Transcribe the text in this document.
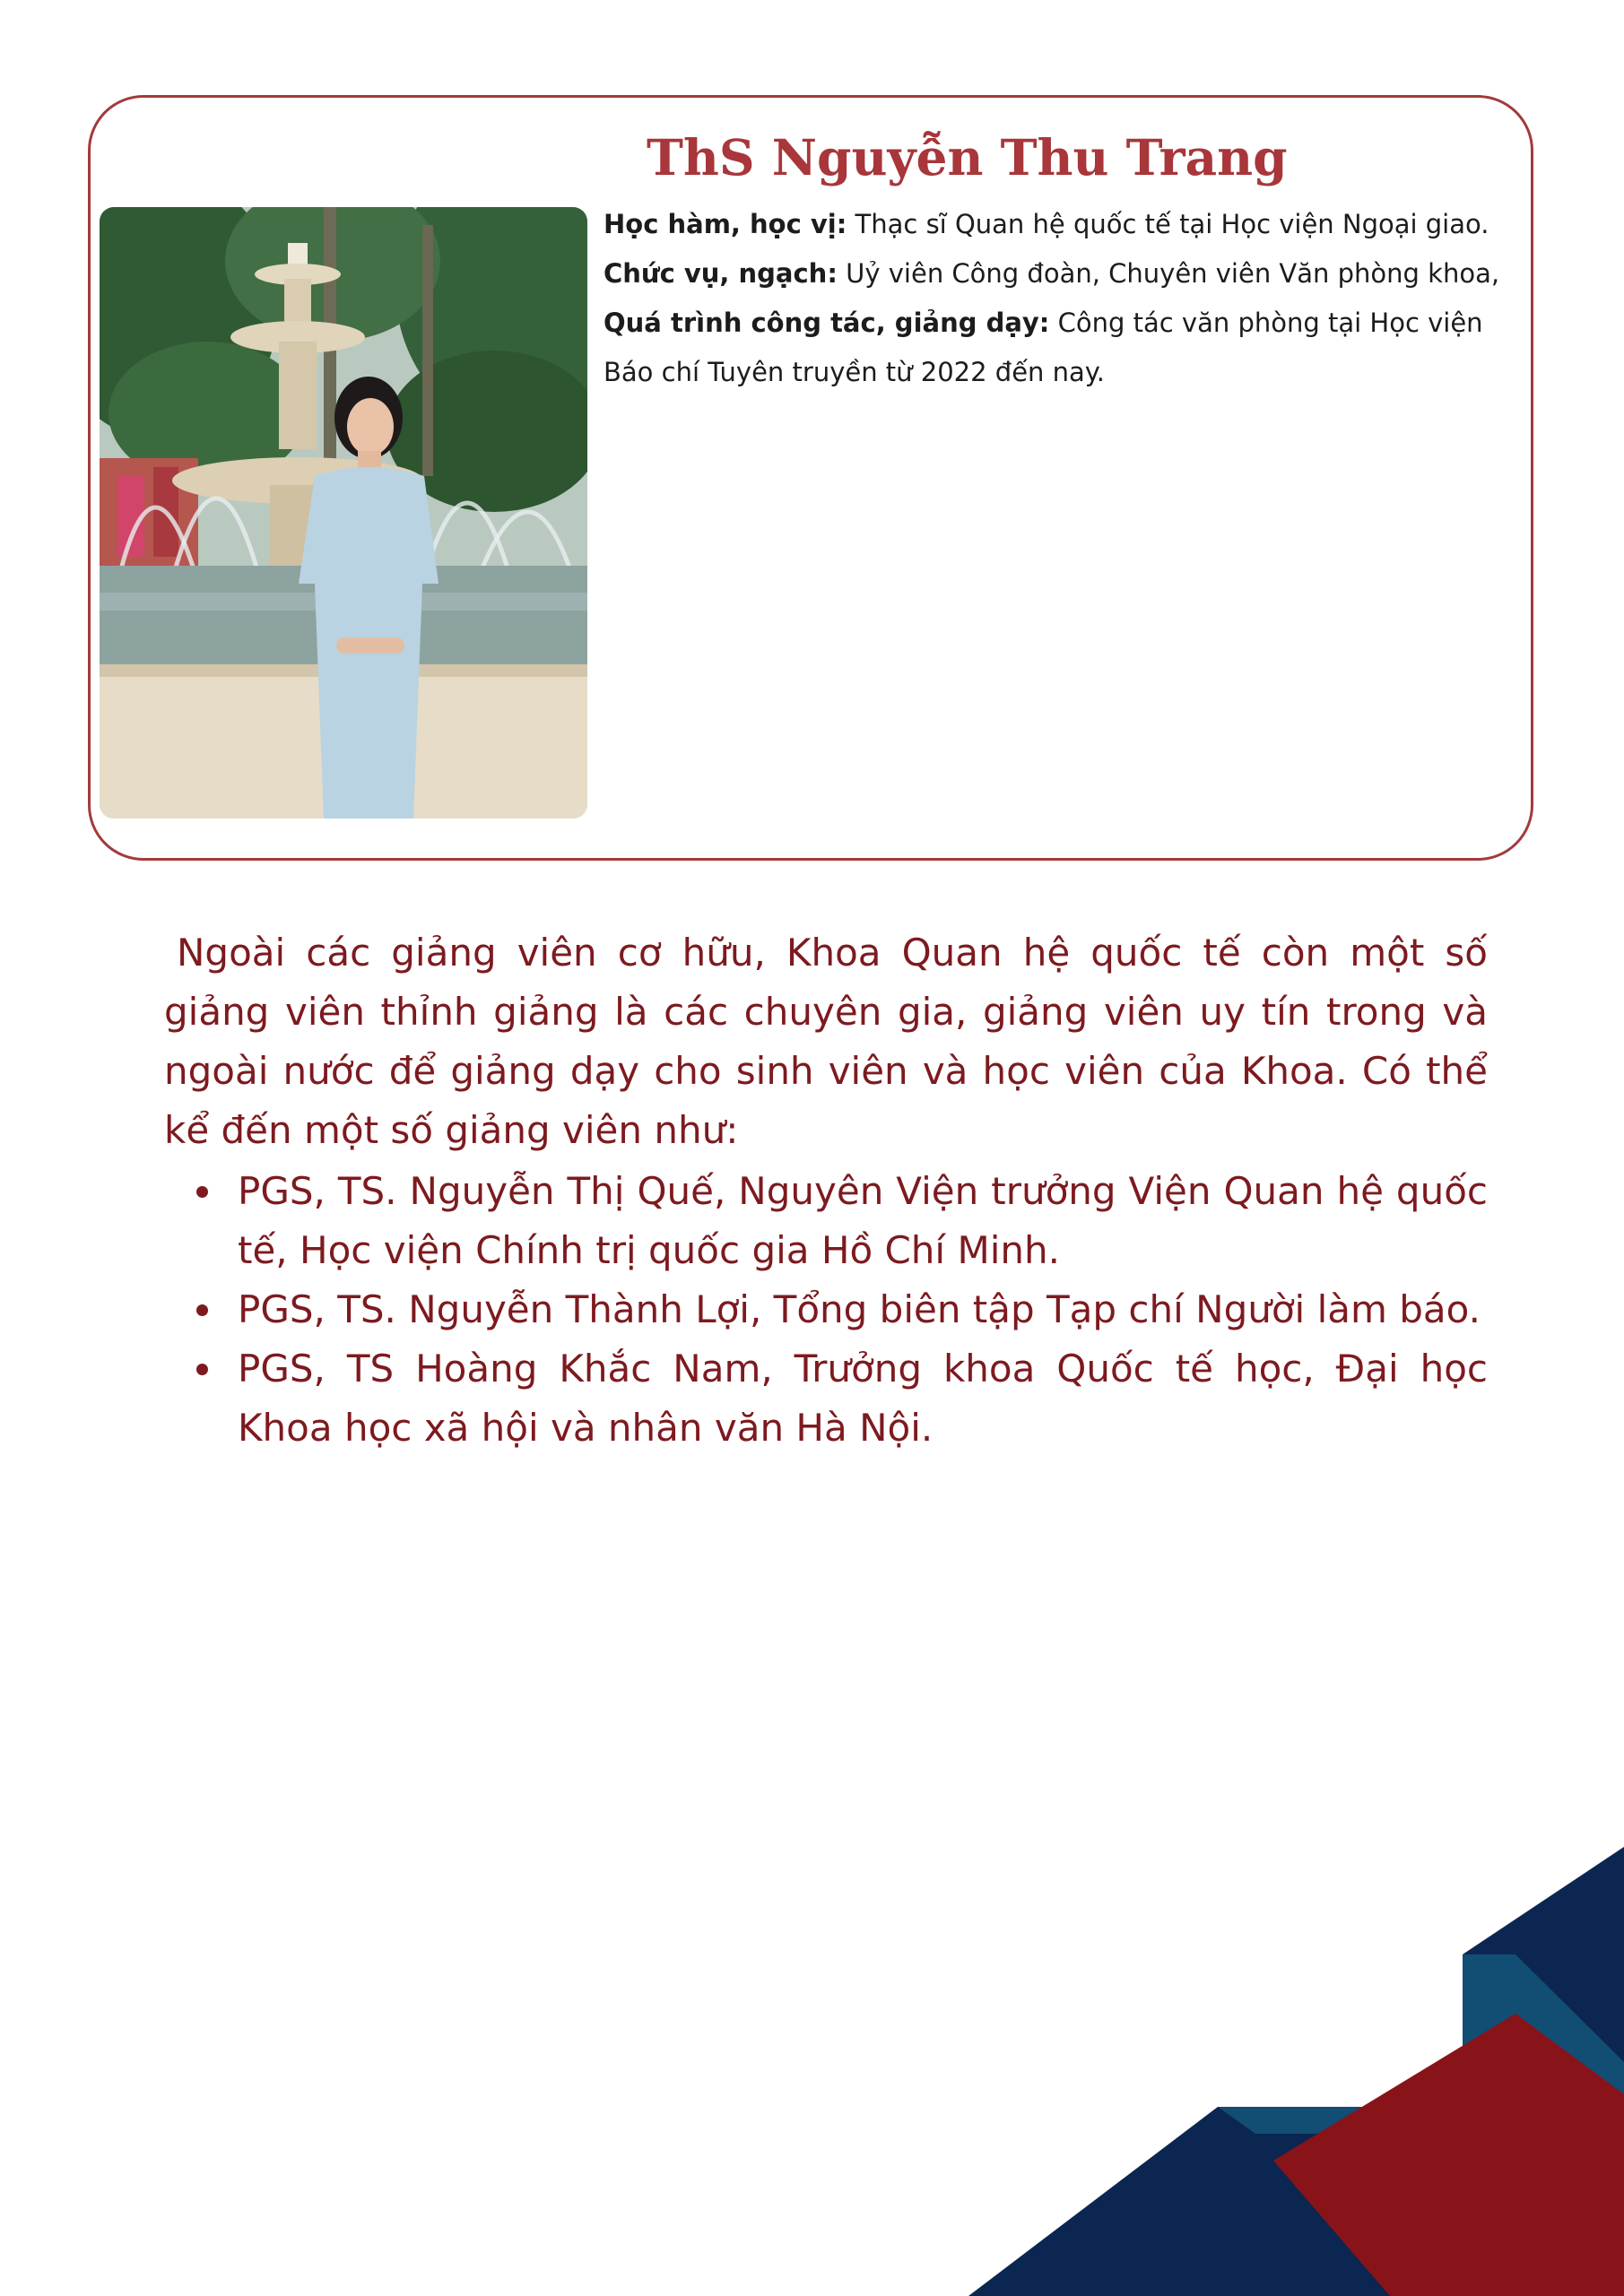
ThS Nguyễn Thu Trang

Học hàm, học vị: Thạc sĩ Quan hệ quốc tế tại Học viện Ngoại giao.

Chức vụ, ngạch: Uỷ viên Công đoàn, Chuyên viên Văn phòng khoa,

Quá trình công tác, giảng dạy: Công tác văn phòng tại Học viện Báo chí Tuyên truyền từ 2022 đến nay.

Ngoài các giảng viên cơ hữu, Khoa Quan hệ quốc tế còn một số giảng viên thỉnh giảng là các chuyên gia, giảng viên uy tín trong và ngoài nước để giảng dạy cho sinh viên và học viên của Khoa. Có thể kể đến một số giảng viên như:

PGS, TS. Nguyễn Thị Quế, Nguyên Viện trưởng Viện Quan hệ quốc tế, Học viện Chính trị quốc gia Hồ Chí Minh.
PGS, TS. Nguyễn Thành Lợi, Tổng biên tập Tạp chí Người làm báo.
PGS, TS Hoàng Khắc Nam, Trưởng khoa Quốc tế học, Đại học Khoa học xã hội và nhân văn Hà Nội.
